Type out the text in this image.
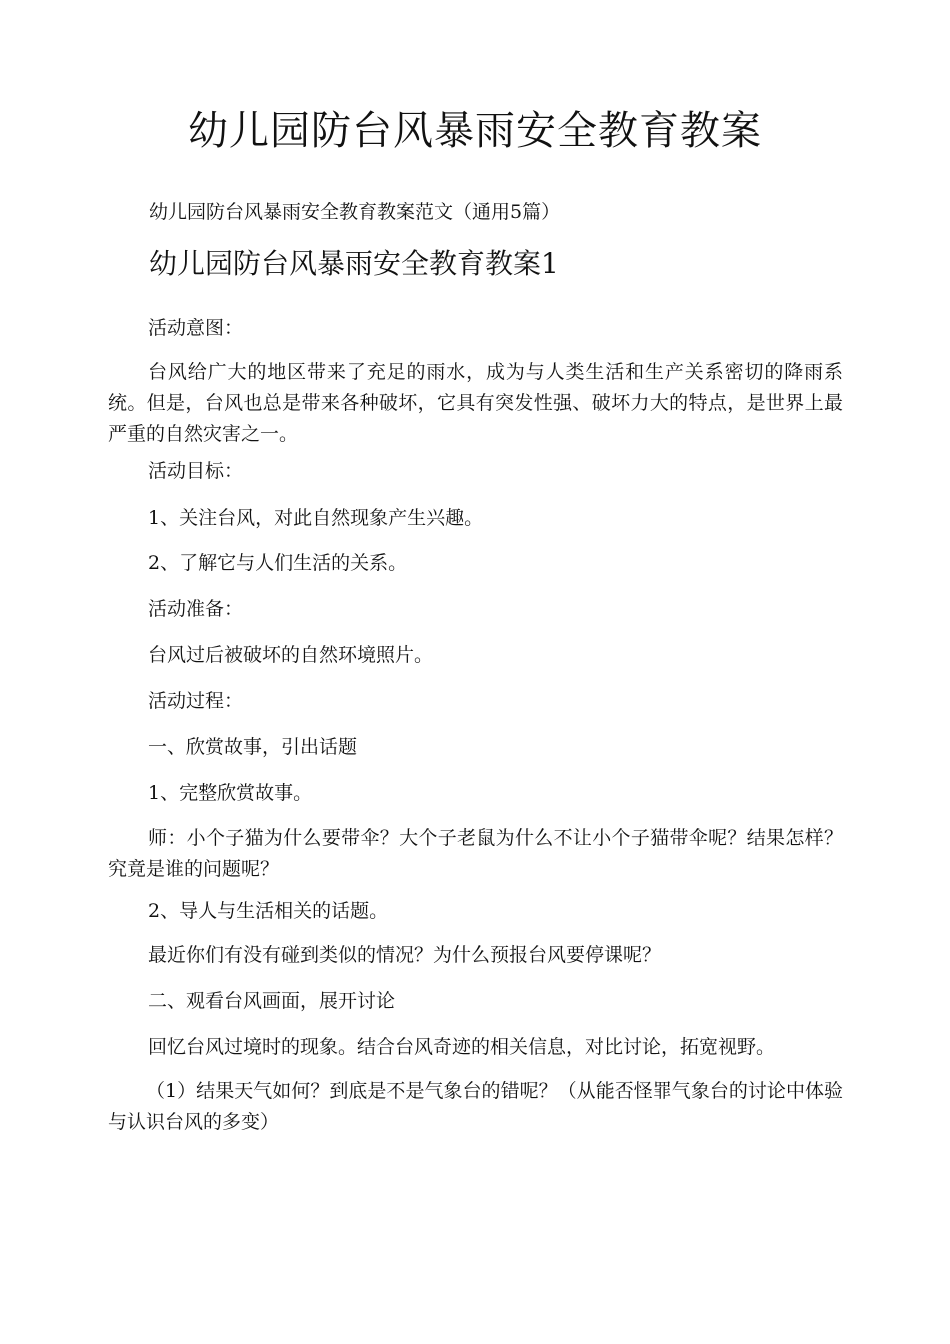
幼儿园防台风暴雨安全教育教案

幼儿园防台风暴雨安全教育教案范文（通用5篇）

幼儿园防台风暴雨安全教育教案1

活动意图：

台风给广大的地区带来了充足的雨水，成为与人类生活和生产关系密切的降雨系统。但是，台风也总是带来各种破坏，它具有突发性强、破坏力大的特点，是世界上最严重的自然灾害之一。

活动目标：

1、关注台风，对此自然现象产生兴趣。

2、了解它与人们生活的关系。

活动准备：

台风过后被破坏的自然环境照片。

活动过程：

一、欣赏故事，引出话题

1、完整欣赏故事。

师：小个子猫为什么要带伞？大个子老鼠为什么不让小个子猫带伞呢？结果怎样？究竟是谁的问题呢？

2、导人与生活相关的话题。

最近你们有没有碰到类似的情况？为什么预报台风要停课呢？

二、观看台风画面，展开讨论

回忆台风过境时的现象。结合台风奇迹的相关信息，对比讨论，拓宽视野。

（1）结果天气如何？到底是不是气象台的错呢？（从能否怪罪气象台的讨论中体验与认识台风的多变）
